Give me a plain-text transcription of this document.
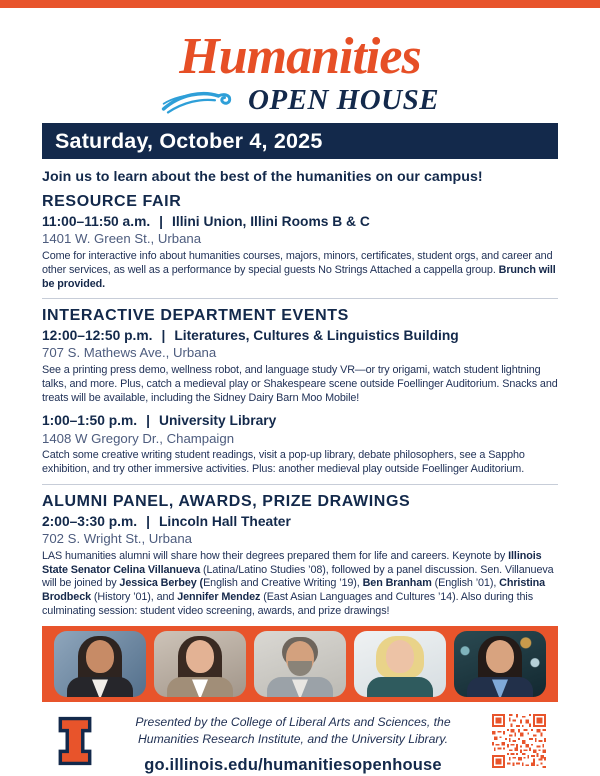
Humanities
OPEN HOUSE
Saturday, October 4, 2025

Join us to learn about the best of the humanities on our campus!

RESOURCE FAIR

11:00–11:50 a.m. | Illini Union, Illini Rooms B & C

1401 W. Green St., Urbana

Come for interactive info about humanities courses, majors, minors, certificates, student orgs, and career and other services, as well as a performance by special guests No Strings Attached a cappella group. Brunch will be provided.

INTERACTIVE DEPARTMENT EVENTS

12:00–12:50 p.m. | Literatures, Cultures & Linguistics Building

707 S. Mathews Ave., Urbana

See a printing press demo, wellness robot, and language study VR—or try origami, watch student lightning talks, and more. Plus, catch a medieval play or Shakespeare scene outside Foellinger Auditorium. Snacks and treats will be available, including the Sidney Dairy Barn Moo Mobile!

1:00–1:50 p.m. | University Library

1408 W Gregory Dr., Champaign

Catch some creative writing student readings, visit a pop-up library, debate philosophers, see a Sappho exhibition, and try other immersive activities. Plus: another medieval play outside Foellinger Auditorium.

ALUMNI PANEL, AWARDS, PRIZE DRAWINGS

2:00–3:30 p.m. | Lincoln Hall Theater

702 S. Wright St., Urbana

LAS humanities alumni will share how their degrees prepared them for life and careers. Keynote by Illinois State Senator Celina Villanueva (Latina/Latino Studies ’08), followed by a panel discussion. Sen. Villanueva will be joined by Jessica Berbey (English and Creative Writing ’19), Ben Branham (English ’01), Christina Brodbeck (History ’01), and Jennifer Mendez (East Asian Languages and Cultures ’14). Also during this culminating session: student video screening, awards, and prize drawings!

Presented by the College of Liberal Arts and Sciences, the
Humanities Research Institute, and the University Library.

go.illinois.edu/humanitiesopenhouse
